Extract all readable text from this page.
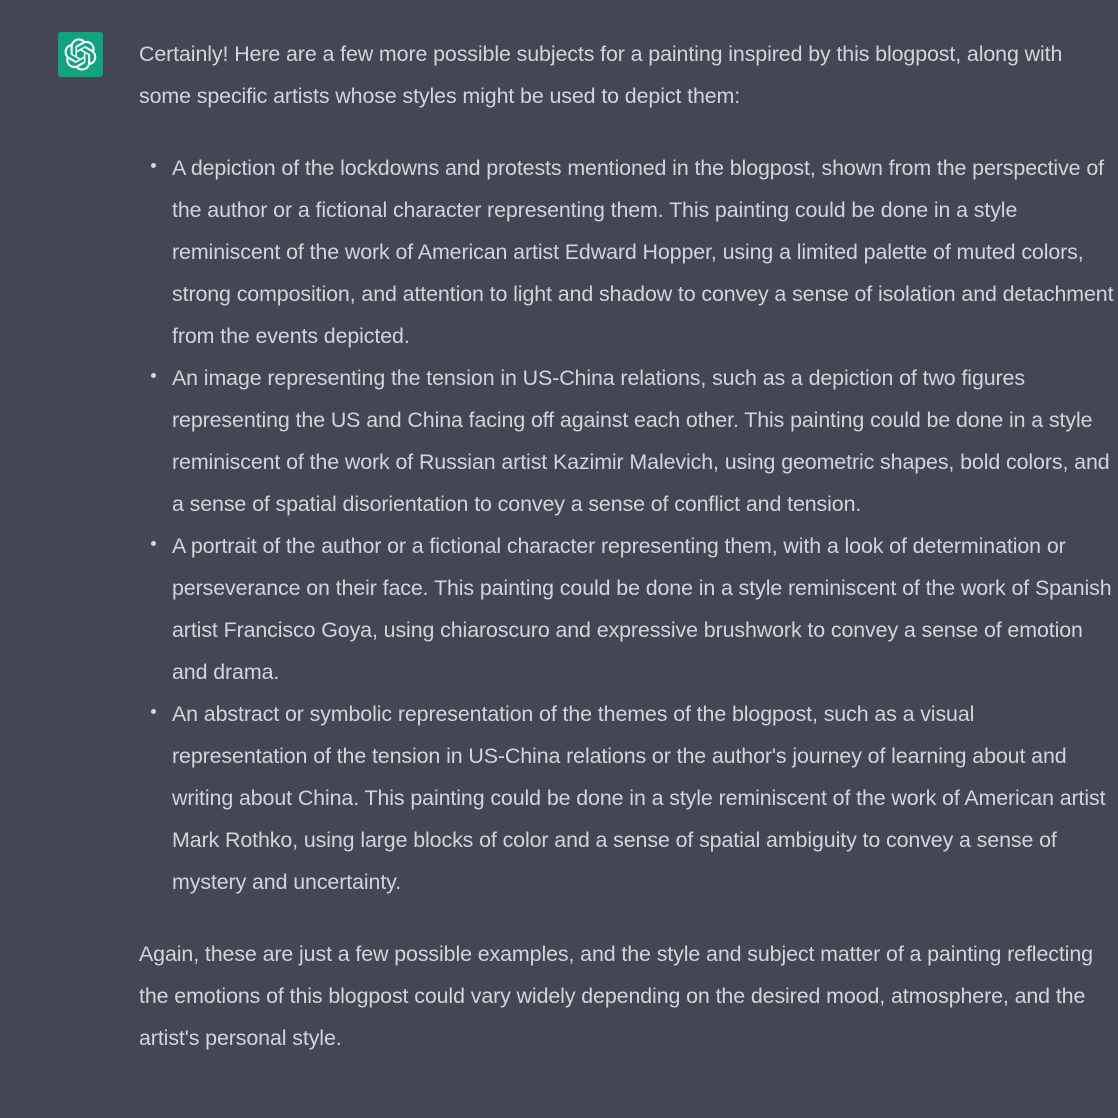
Certainly! Here are a few more possible subjects for a painting inspired by this blogpost, along with some specific artists whose styles might be used to depict them:

A depiction of the lockdowns and protests mentioned in the blogpost, shown from the perspective of the author or a fictional character representing them. This painting could be done in a style reminiscent of the work of American artist Edward Hopper, using a limited palette of muted colors, strong composition, and attention to light and shadow to convey a sense of isolation and detachment from the events depicted.
An image representing the tension in US-China relations, such as a depiction of two figures representing the US and China facing off against each other. This painting could be done in a style reminiscent of the work of Russian artist Kazimir Malevich, using geometric shapes, bold colors, and a sense of spatial disorientation to convey a sense of conflict and tension.
A portrait of the author or a fictional character representing them, with a look of determination or perseverance on their face. This painting could be done in a style reminiscent of the work of Spanish artist Francisco Goya, using chiaroscuro and expressive brushwork to convey a sense of emotion and drama.
An abstract or symbolic representation of the themes of the blogpost, such as a visual representation of the tension in US-China relations or the author's journey of learning about and writing about China. This painting could be done in a style reminiscent of the work of American artist Mark Rothko, using large blocks of color and a sense of spatial ambiguity to convey a sense of mystery and uncertainty.

Again, these are just a few possible examples, and the style and subject matter of a painting reflecting the emotions of this blogpost could vary widely depending on the desired mood, atmosphere, and the artist's personal style.
